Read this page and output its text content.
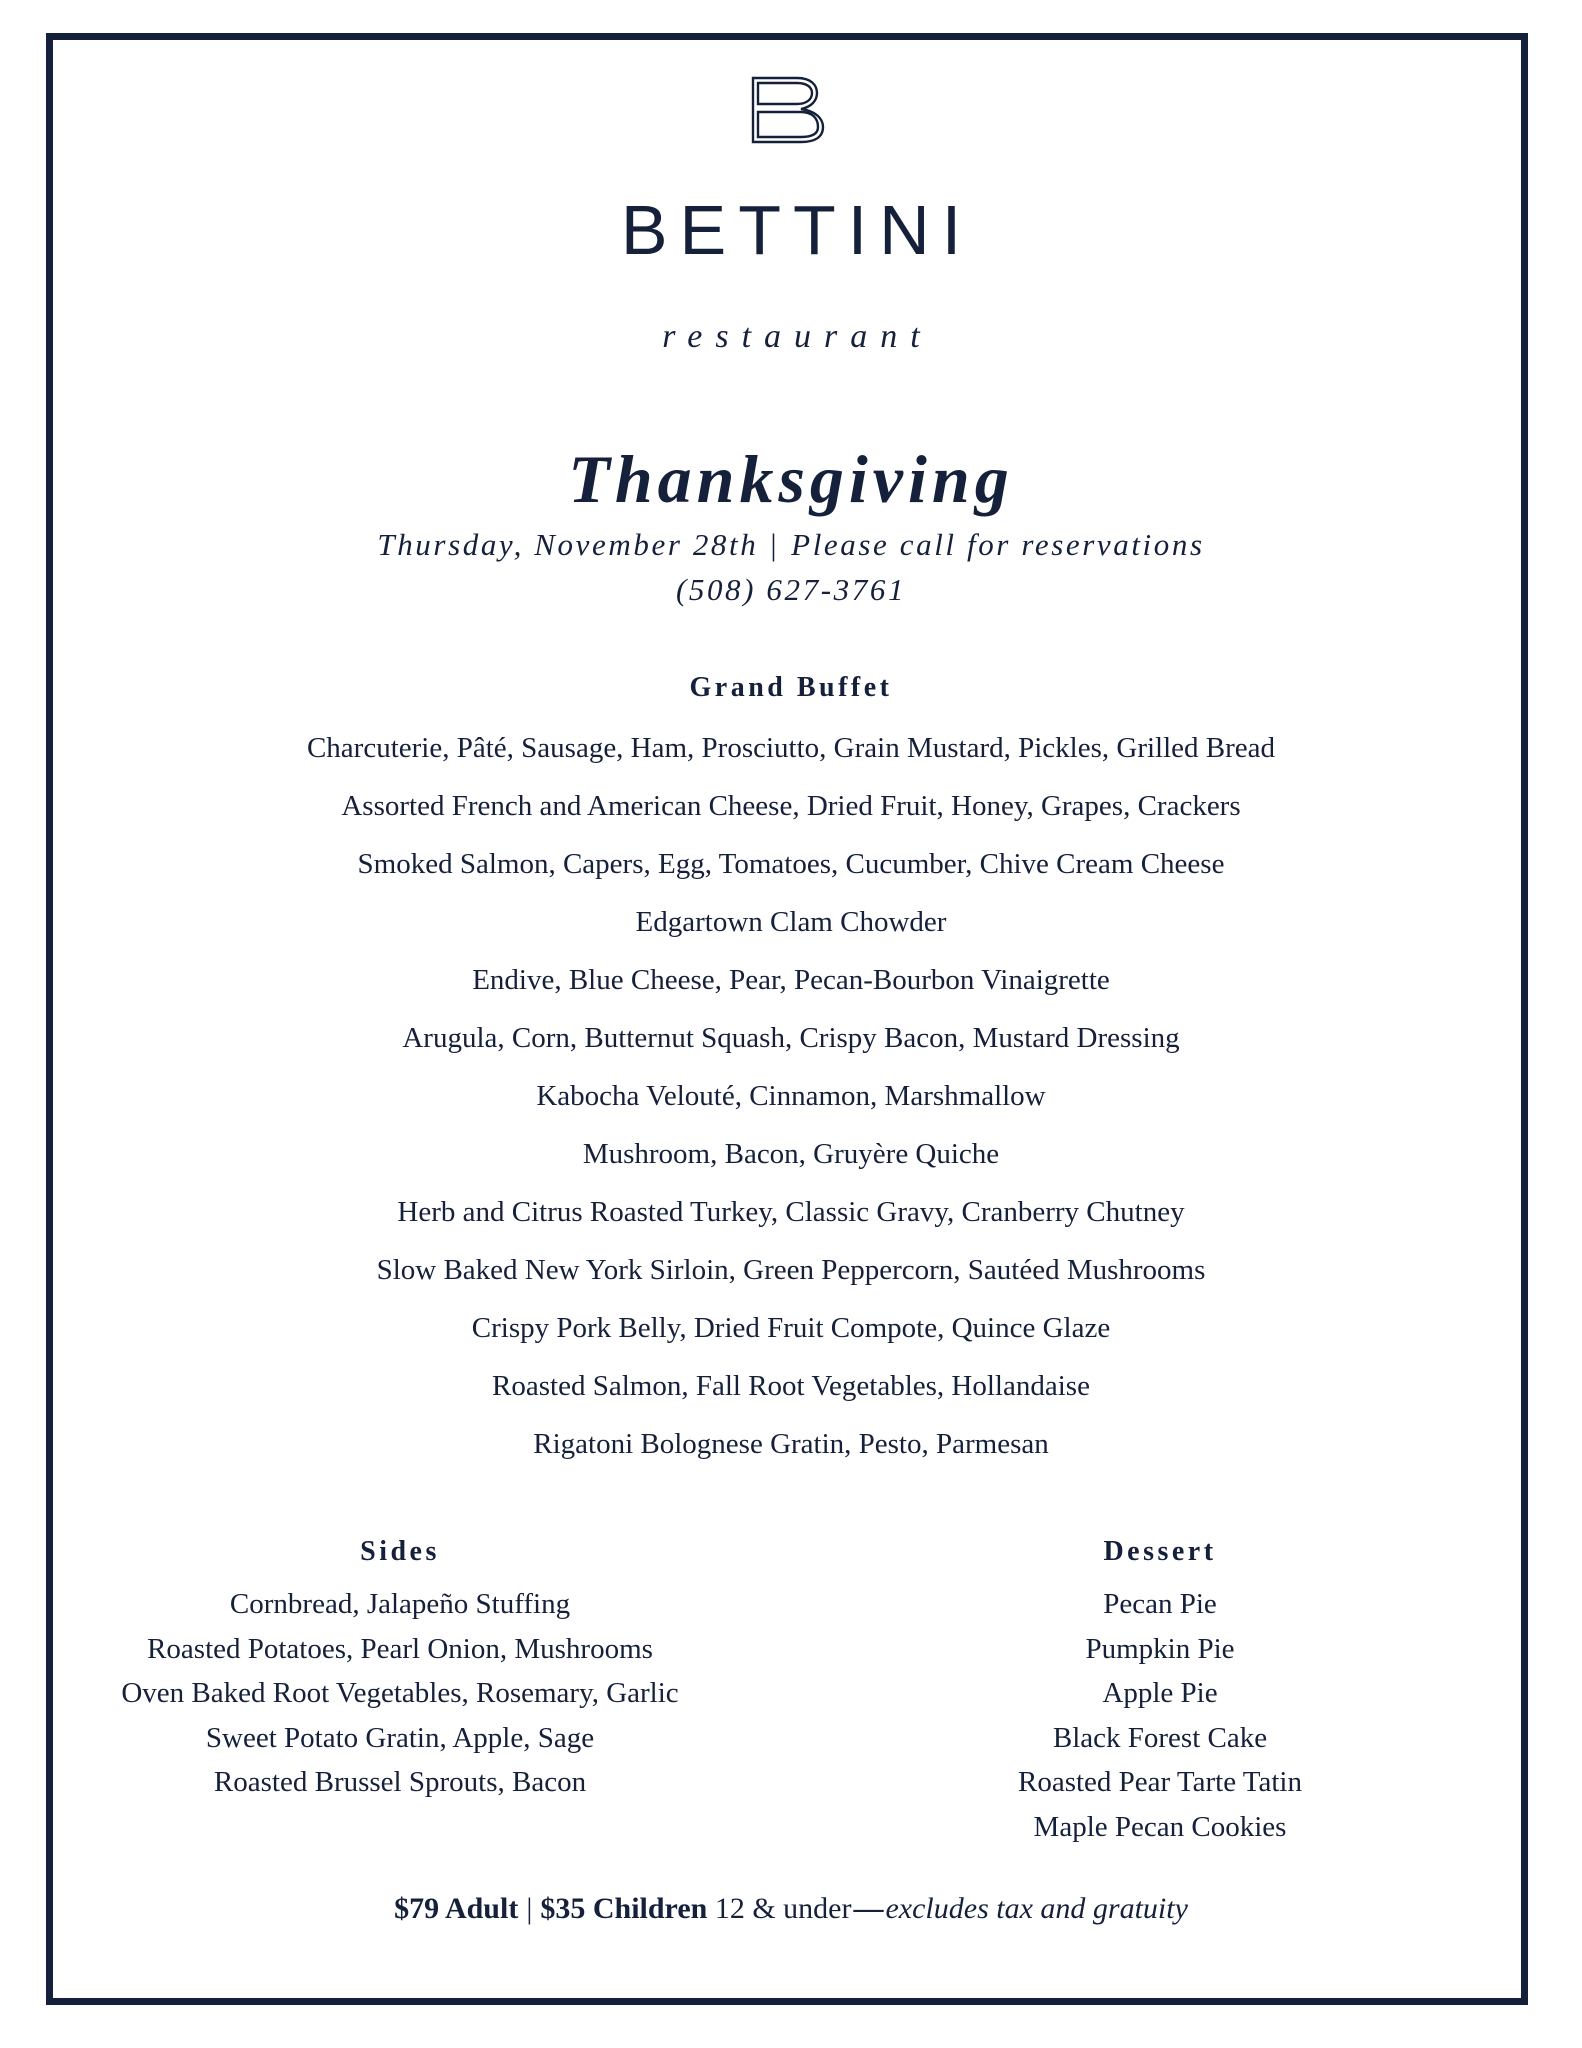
BETTINI
restaurant
Thanksgiving
Thursday, November 28th | Please call for reservations
(508) 627-3761
Grand Buffet
Charcuterie, Pâté, Sausage, Ham, Prosciutto, Grain Mustard, Pickles, Grilled Bread
Assorted French and American Cheese, Dried Fruit, Honey, Grapes, Crackers
Smoked Salmon, Capers, Egg, Tomatoes, Cucumber, Chive Cream Cheese
Edgartown Clam Chowder
Endive, Blue Cheese, Pear, Pecan-Bourbon Vinaigrette
Arugula, Corn, Butternut Squash, Crispy Bacon, Mustard Dressing
Kabocha Velouté, Cinnamon, Marshmallow
Mushroom, Bacon, Gruyère Quiche
Herb and Citrus Roasted Turkey, Classic Gravy, Cranberry Chutney
Slow Baked New York Sirloin, Green Peppercorn, Sautéed Mushrooms
Crispy Pork Belly, Dried Fruit Compote, Quince Glaze
Roasted Salmon, Fall Root Vegetables, Hollandaise
Rigatoni Bolognese Gratin, Pesto, Parmesan
Sides
Cornbread, Jalapeño Stuffing
Roasted Potatoes, Pearl Onion, Mushrooms
Oven Baked Root Vegetables, Rosemary, Garlic
Sweet Potato Gratin, Apple, Sage
Roasted Brussel Sprouts, Bacon
Dessert
Pecan Pie
Pumpkin Pie
Apple Pie
Black Forest Cake
Roasted Pear Tarte Tatin
Maple Pecan Cookies
$79 Adult | $35 Children 12 & under—excludes tax and gratuity
